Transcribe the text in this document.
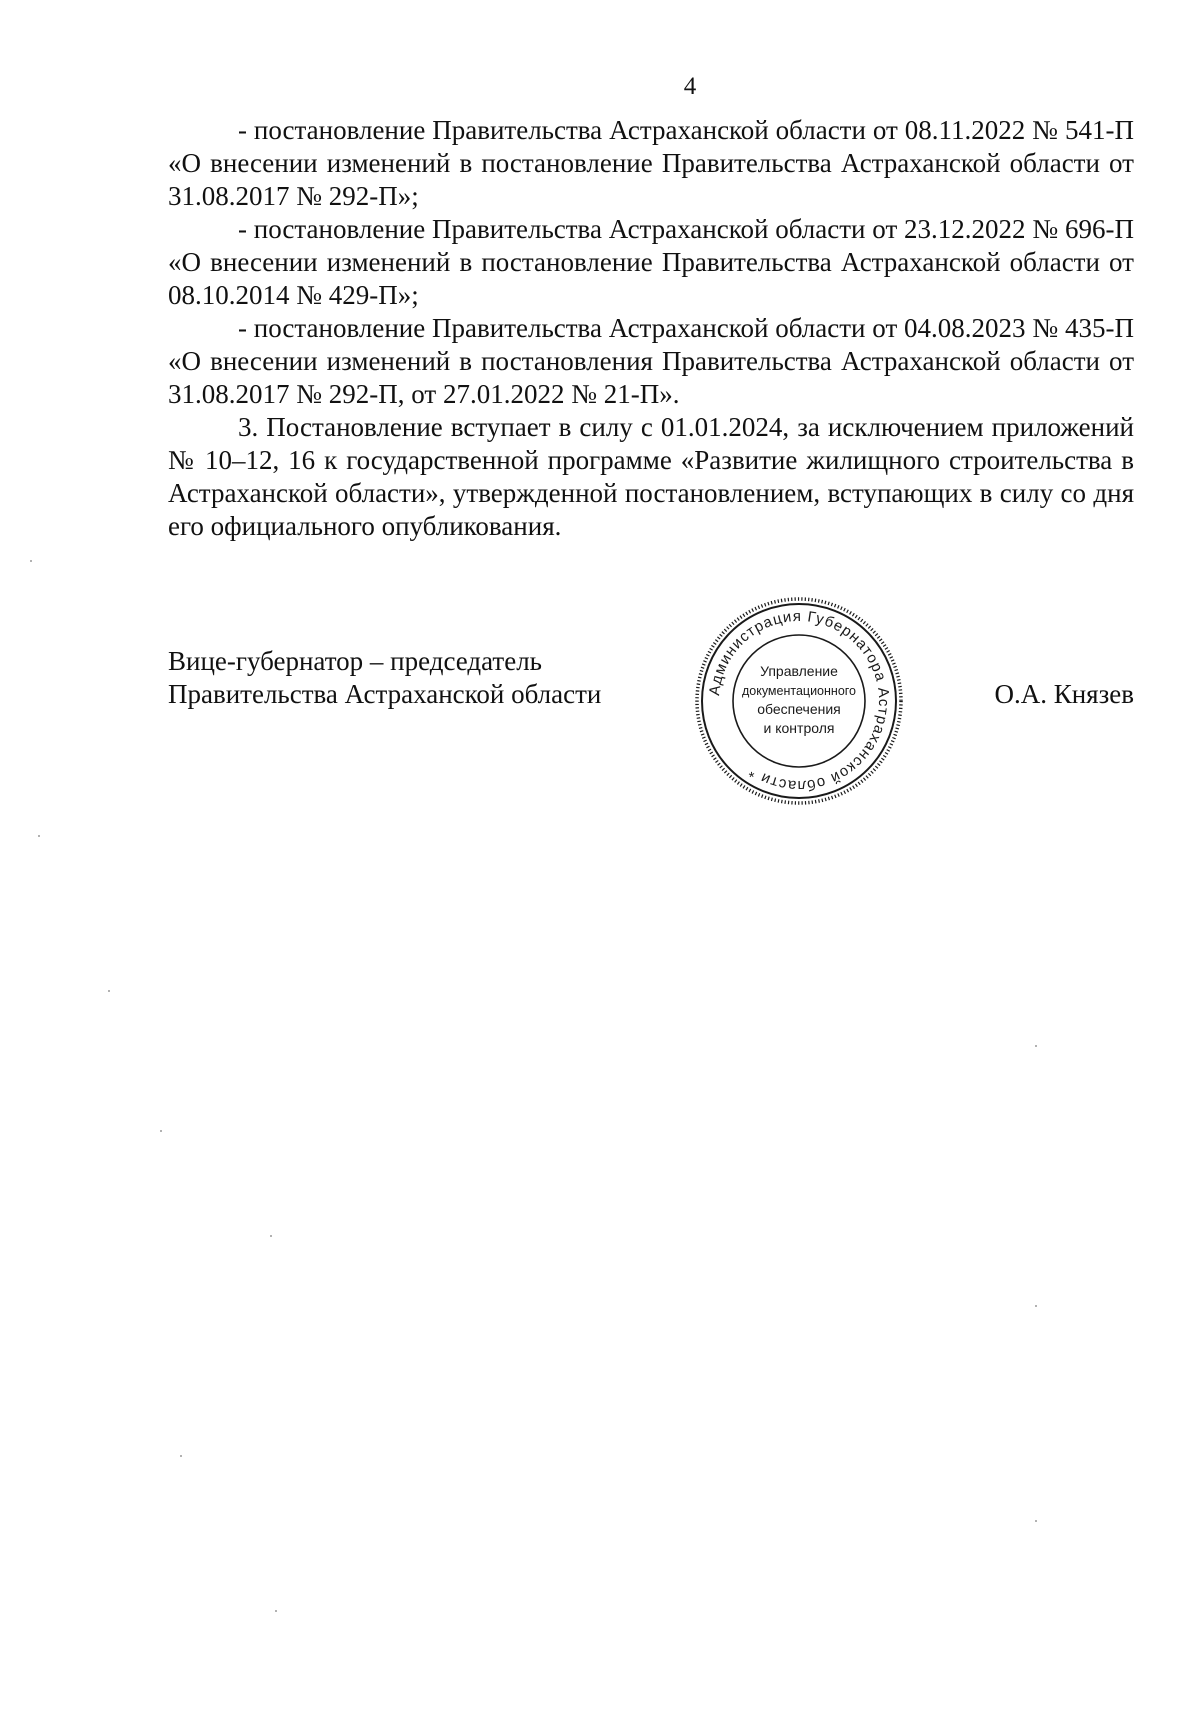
4

- постановление Правительства Астраханской области от 08.11.2022 № 541-П «О внесении изменений в постановление Правительства Астраханской области от 31.08.2017 № 292-П»;

- постановление Правительства Астраханской области от 23.12.2022 № 696-П «О внесении изменений в постановление Правительства Астраханской области от 08.10.2014 № 429-П»;

- постановление Правительства Астраханской области от 04.08.2023 № 435-П «О внесении изменений в постановления Правительства Астраханской области от 31.08.2017 № 292-П, от 27.01.2022 № 21-П».

3. Постановление вступает в силу с 01.01.2024, за исключением приложений № 10–12, 16 к государственной программе «Развитие жилищного строительства в Астраханской области», утвержденной постановлением, вступающих в силу со дня его официального опубликования.

Вице-губернатор – председатель
Правительства Астраханской области	О.А. Князев
Администрация Губернатора Астраханской области *
Управление
документационного
обеспечения
и контроля
